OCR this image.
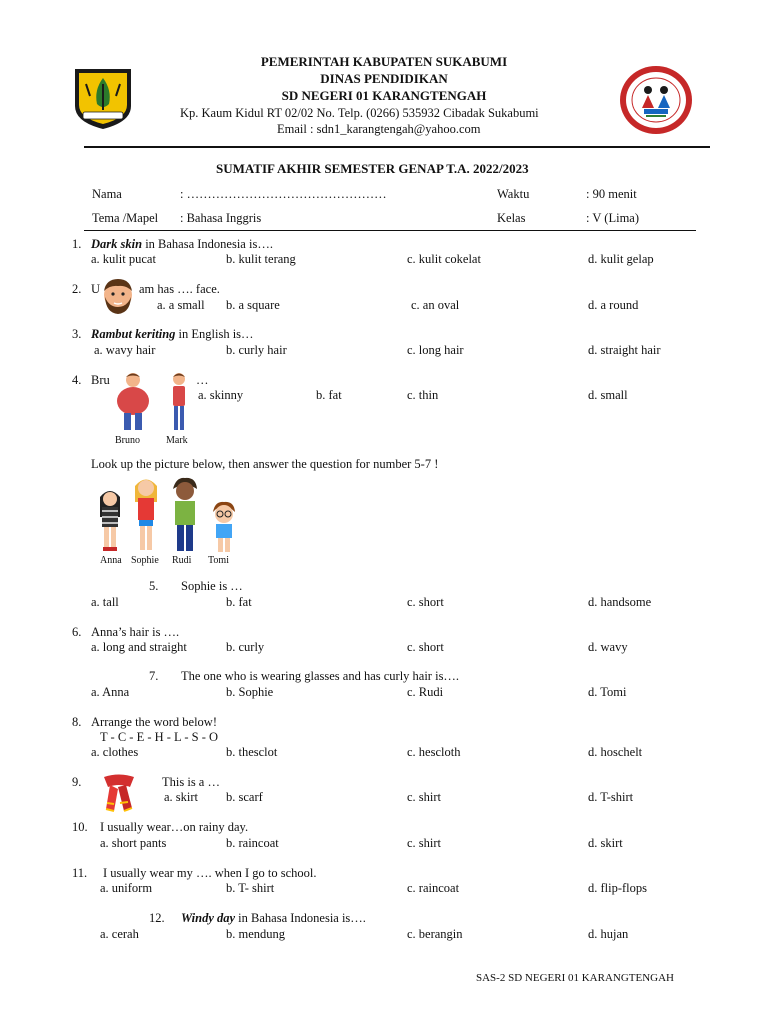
PEMERINTAH KABUPATEN SUKABUMI
DINAS PENDIDIKAN
SD NEGERI 01 KARANGTENGAH
Kp. Kaum Kidul RT 02/02 No. Telp. (0266) 535932 Cibadak Sukabumi
Email : sdn1_karangtengah@yahoo.com
SUMATIF AKHIR SEMESTER GENAP T.A. 2022/2023
Nama	: …………………………………………	Waktu	: 90 menit
Tema /Mapel : Bahasa Inggris	Kelas	: V (Lima)
1. Dark skin in Bahasa Indonesia is….
a. kulit pucat	b. kulit terang	c. kulit cokelat	d. kulit gelap
2. U	am has …. face.
a. a small b. a square	c. an oval	d. a round
3. Rambut keriting in English is…
a. wavy hair	b. curly hair	c. long hair	d. straight hair
4. Bru	…
Bruno	Mark
a. skinny	b. fat	c. thin	d. small
Look up the picture below, then answer the question for number 5-7 !
Anna Sophie Rudi Tomi
5. Sophie is …
a. tall	b. fat	c. short	d. handsome
6. Anna’s hair is ….
a. long and straight	b. curly	c. short	d. wavy
7. The one who is wearing glasses and has curly hair is….
a. Anna	b. Sophie	c. Rudi	d. Tomi
8. Arrange the word below!
T - C - E - H - L - S - O
a. clothes	b. thesclot	c. hescloth	d. hoschelt
9.	This is a …
a. skirt b. scarf	c. shirt	d. T-shirt
10. I usually wear…on rainy day.
a. short pants	b. raincoat	c. shirt	d. skirt
11. I usually wear my …. when I go to school.
a. uniform	b. T- shirt	c. raincoat	d. flip-flops
12. Windy day in Bahasa Indonesia is….
a. cerah	b. mendung	c. berangin	d. hujan
SAS-2 SD NEGERI 01 KARANGTENGAH
